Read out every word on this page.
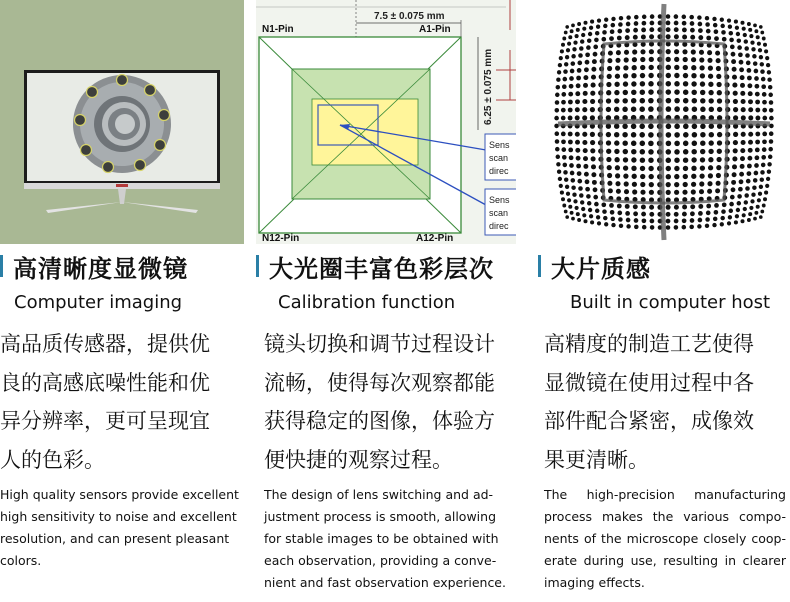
高清晰度显微镜
Computer imaging
高品质传感器，提供优
良的高感底噪性能和优
异分辨率，更可呈现宜
人的色彩。
High quality sensors provide excellent
high sensitivity to noise and excellent
resolution, and can present pleasant
colors.
7.5 ± 0.075 mm
6.25 ± 0.075 mm
N1-Pin	A1-Pin
N12-Pin	A12-Pin
Sens
scan
direc
Sens
scan
direc
大光圈丰富色彩层次
Calibration function
镜头切换和调节过程设计
流畅，使得每次观察都能
获得稳定的图像，体验方
便快捷的观察过程。
The design of lens switching and ad-
justment process is smooth, allowing
for stable images to be obtained with
each observation, providing a conve-
nient and fast observation experience.
大片质感
Built in computer host
高精度的制造工艺使得
显微镜在使用过程中各
部件配合紧密，成像效
果更清晰。
The high-precision manufacturing
process makes the various compo-
nents of the microscope closely coop-
erate during use, resulting in clearer
imaging effects.
